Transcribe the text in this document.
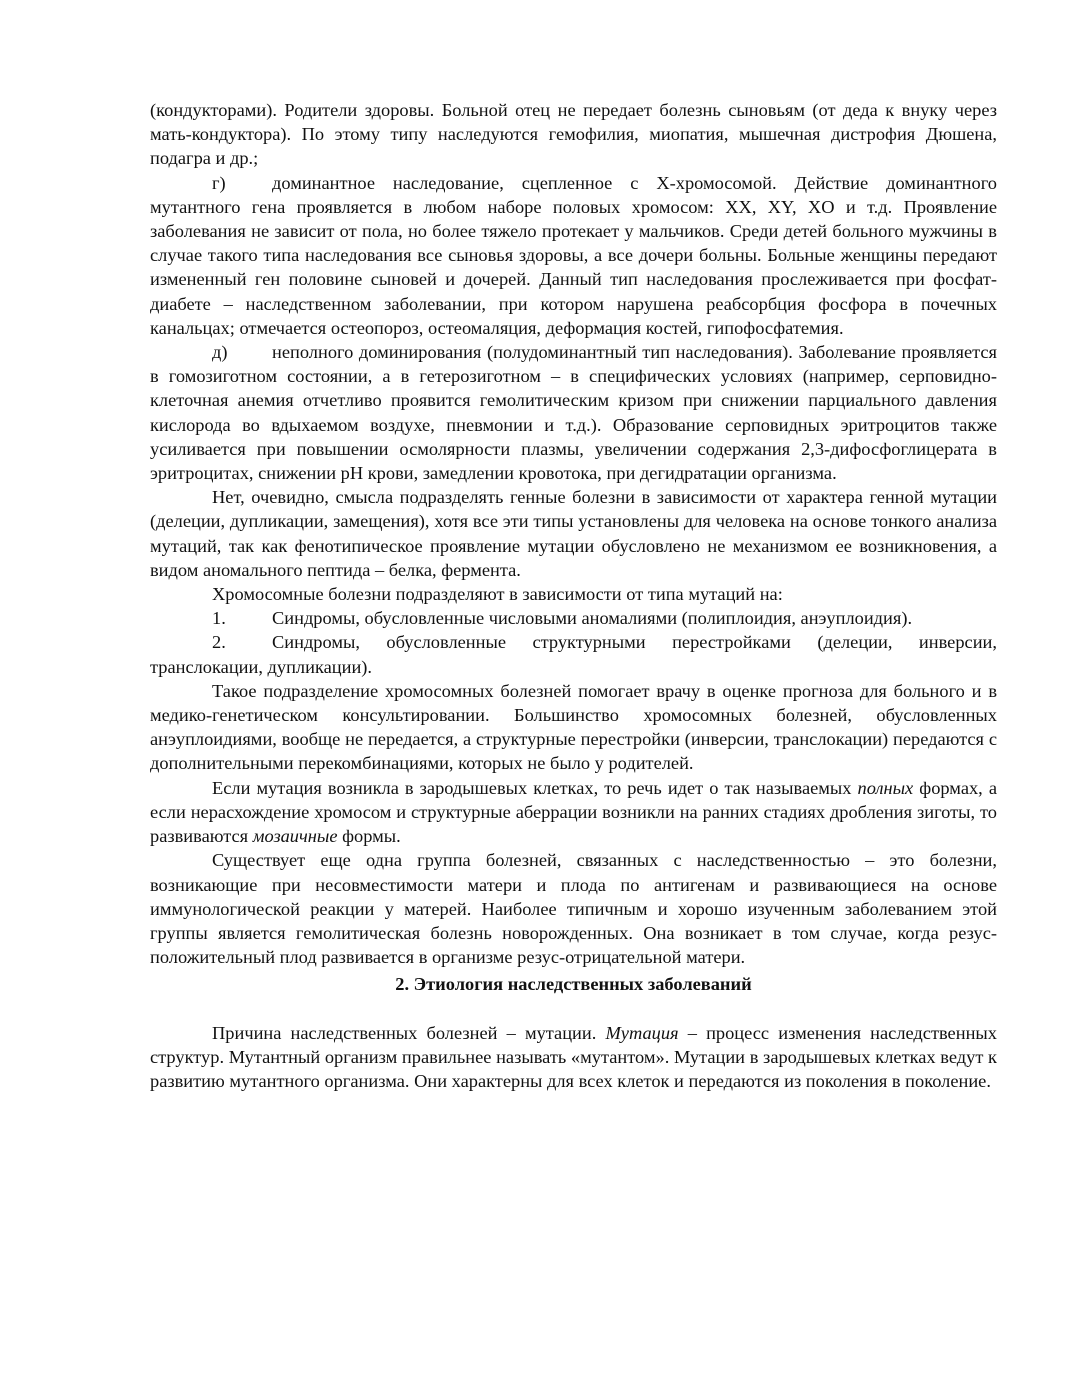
(кондукторами). Родители здоровы. Больной отец не передает болезнь сыновьям (от деда к внуку через мать-кондуктора). По этому типу наследуются гемофилия, миопатия, мышечная дистрофия Дюшена, подагра и др.;

г)	доминантное наследование, сцепленное с Х-хромосомой. Действие доминантного мутантного гена проявляется в любом наборе половых хромосом: XX, XY, XO и т.д. Проявление заболевания не зависит от пола, но более тяжело протекает у мальчиков. Среди детей больного мужчины в случае такого типа наследования все сыновья здоровы, а все дочери больны. Больные женщины передают измененный ген половине сыновей и дочерей. Данный тип наследования прослеживается при фосфат-диабете – наследственном заболевании, при котором нарушена реабсорбция фосфора в почечных канальцах; отмечается остеопороз, остеомаляция, деформация костей, гипофосфатемия.

д) неполного доминирования (полудоминантный тип наследования). Заболевание проявляется в гомозиготном состоянии, а в гетерозиготном – в специфических условиях (например, серповидно-клеточная анемия отчетливо проявится гемолитическим кризом при снижении парциального давления кислорода во вдыхаемом воздухе, пневмонии и т.д.). Образование серповидных эритроцитов также усиливается при повышении осмолярности плазмы, увеличении содержания 2,3-дифосфоглицерата в эритроцитах, снижении pH крови, замедлении кровотока, при дегидратации организма.

Нет, очевидно, смысла подразделять генные болезни в зависимости от характера генной мутации (делеции, дупликации, замещения), хотя все эти типы установлены для человека на основе тонкого анализа мутаций, так как фенотипическое проявление мутации обусловлено не механизмом ее возникновения, а видом аномального пептида – белка, фермента.

Хромосомные болезни подразделяют в зависимости от типа мутаций на:

1.	Синдромы, обусловленные числовыми аномалиями (полиплоидия, анэуплоидия).

2.	Синдромы, обусловленные структурными перестройками (делеции, инверсии, транслокации, дупликации).

Такое подразделение хромосомных болезней помогает врачу в оценке прогноза для больного и в медико-генетическом консультировании. Большинство хромосомных болезней, обусловленных анэуплоидиями, вообще не передается, а структурные перестройки (инверсии, транслокации) передаются с дополнительными перекомбинациями, которых не было у родителей.

Если мутация возникла в зародышевых клетках, то речь идет о так называемых полных формах, а если нерасхождение хромосом и структурные аберрации возникли на ранних стадиях дробления зиготы, то развиваются мозаичные формы.

Существует еще одна группа болезней, связанных с наследственностью – это болезни, возникающие при несовместимости матери и плода по антигенам и развивающиеся на основе иммунологической реакции у матерей. Наиболее типичным и хорошо изученным заболеванием этой группы является гемолитическая болезнь новорожденных. Она возникает в том случае, когда резус-положительный плод развивается в организме резус-отрицательной матери.

2. Этиология наследственных заболеваний

Причина наследственных болезней – мутации. Мутация – процесс изменения наследственных структур. Мутантный организм правильнее называть «мутантом». Мутации в зародышевых клетках ведут к развитию мутантного организма. Они характерны для всех клеток и передаются из поколения в поколение.
